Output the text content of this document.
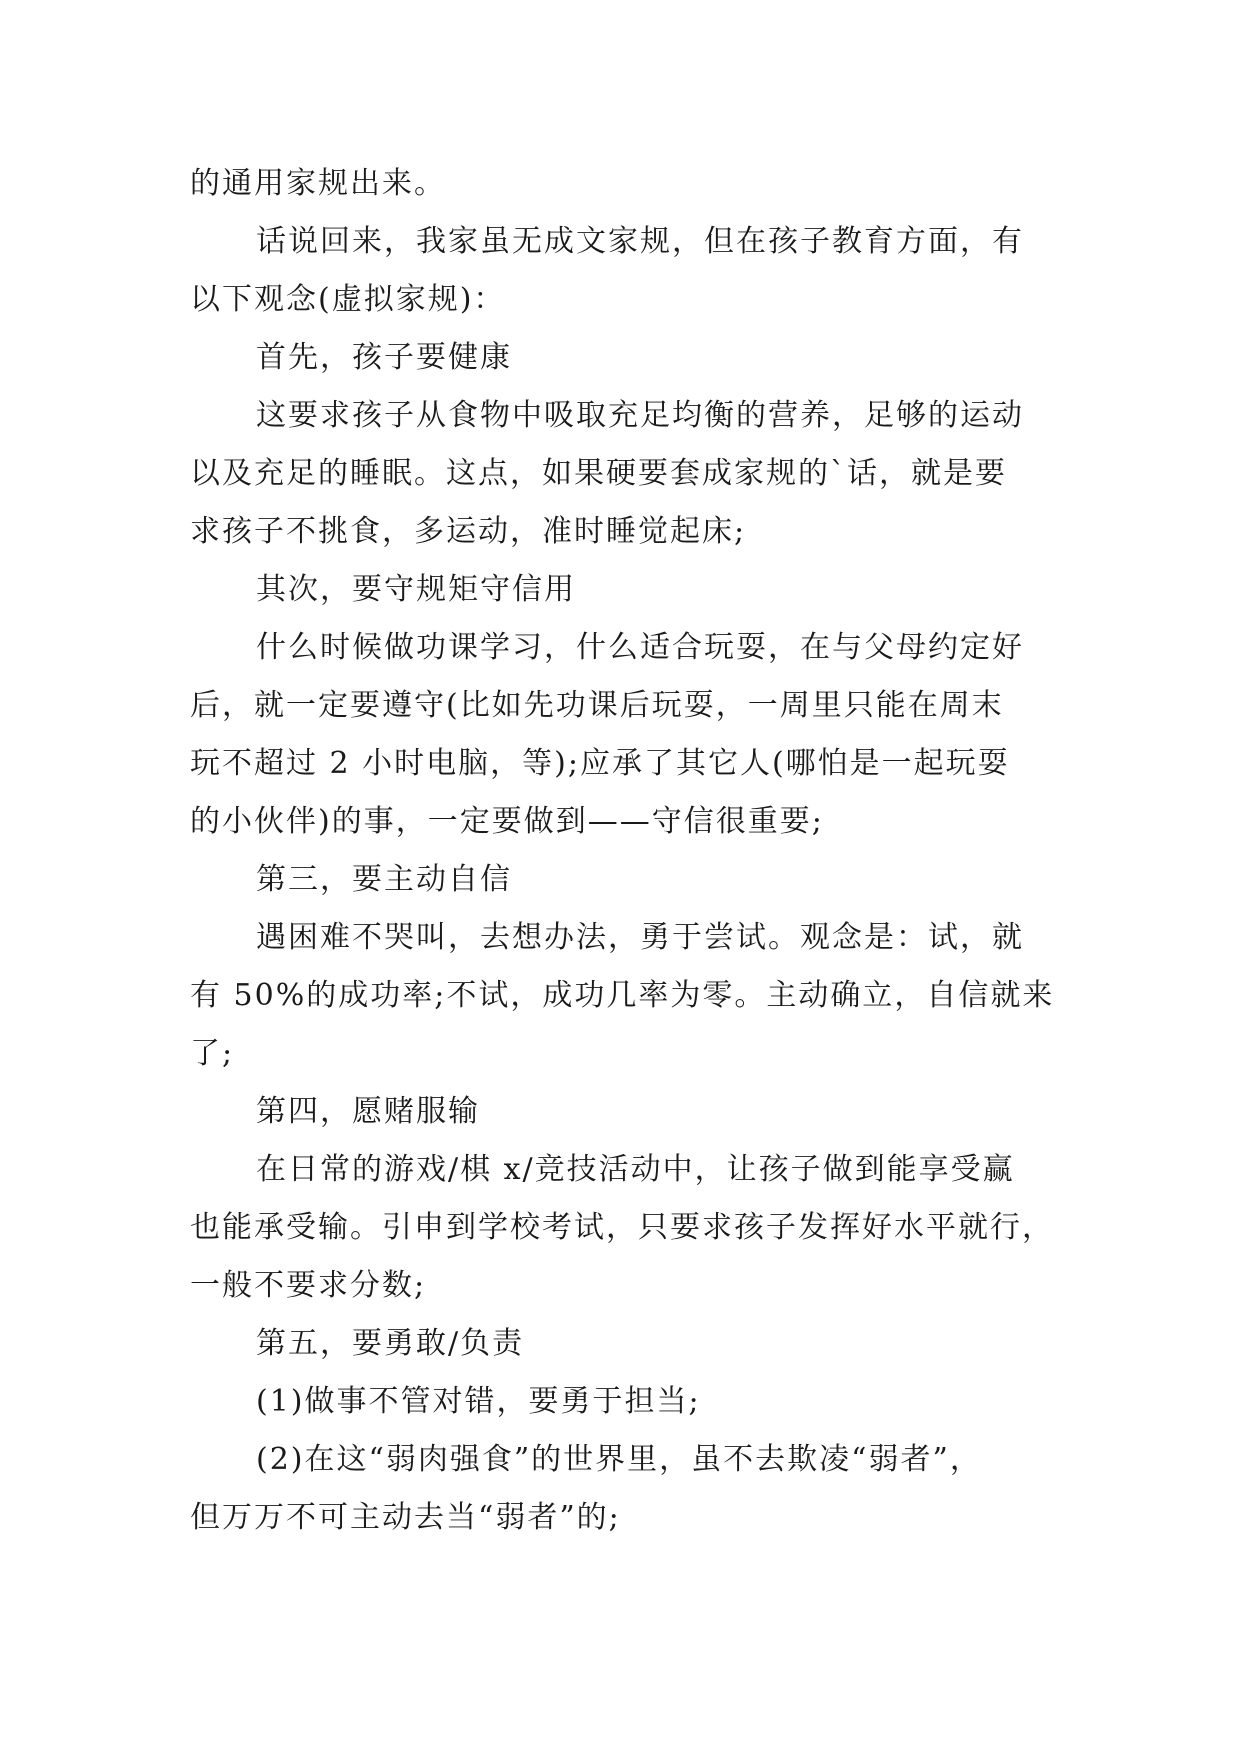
的通用家规出来。
话说回来，我家虽无成文家规，但在孩子教育方面，有
以下观念(虚拟家规)：
首先，孩子要健康
这要求孩子从食物中吸取充足均衡的营养，足够的运动
以及充足的睡眠。这点，如果硬要套成家规的`话，就是要
求孩子不挑食，多运动，准时睡觉起床;
其次，要守规矩守信用
什么时候做功课学习，什么适合玩耍，在与父母约定好
后，就一定要遵守(比如先功课后玩耍，一周里只能在周末
玩不超过 2 小时电脑，等);应承了其它人(哪怕是一起玩耍
的小伙伴)的事，一定要做到——守信很重要;
第三，要主动自信
遇困难不哭叫，去想办法，勇于尝试。观念是：试，就
有 50%的成功率;不试，成功几率为零。主动确立，自信就来
了;
第四，愿赌服输
在日常的游戏/棋 x/竞技活动中，让孩子做到能享受赢
也能承受输。引申到学校考试，只要求孩子发挥好水平就行，
一般不要求分数;
第五，要勇敢/负责
(1)做事不管对错，要勇于担当;
(2)在这“弱肉强食”的世界里，虽不去欺凌“弱者”，
但万万不可主动去当“弱者”的;
